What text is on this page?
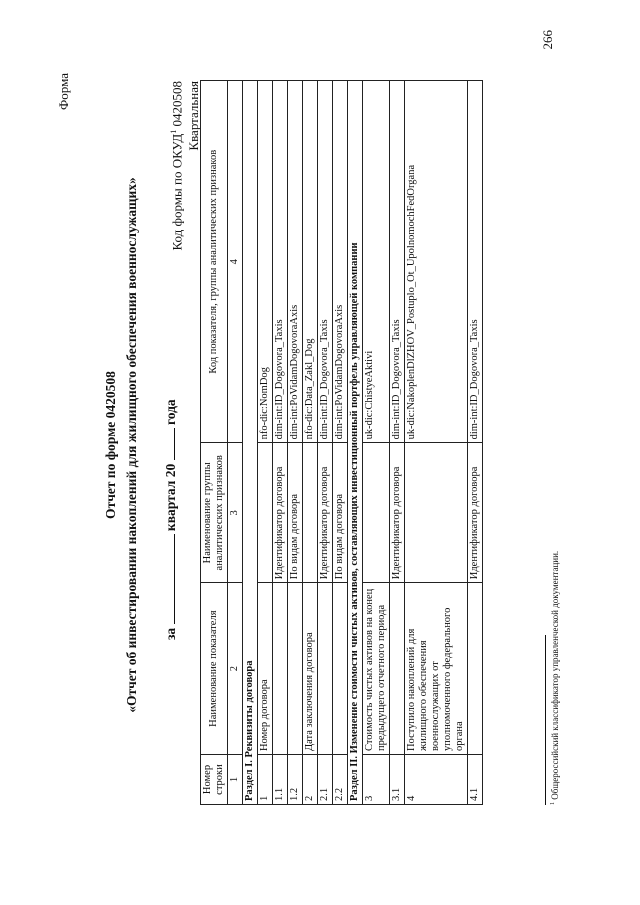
266
Форма
Отчет по форме 0420508 «Отчет об инвестировании накоплений для жилищного обеспечения военнослужащих» за  квартал 20  года
Код формы по ОКУД$^1$ 0420508 Квартальная
Номер строки	Наименование показателя	Наименование группы аналитических признаков	Код показателя, группы аналитических признаков
1	2	3	4
Раздел I. Реквизиты договора			
1	Номер договора		nfo-dic:NomDog
1.1		Идентификатор договора	dim-int:ID_Dogovora_Taxis
1.2		По видам договора	dim-int:PoVidamDogovoraAxis
2	Дата заключения договора		nfo-dic:Data_Zakl_Dog
2.1		Идентификатор договора	dim-int:ID_Dogovora_Taxis
2.2		По видам договора	dim-int:PoVidamDogovoraAxis
Раздел II. Изменение стоимости чистых активов, составляющих инвестиционный портфель управляющей компании			
3	Стоимость чистых активов на конец предыдущего отчетного периода		uk-dic:ChistyeAktivi
3.1		Идентификатор договора	dim-int:ID_Dogovora_Taxis
4	Поступило накоплений для жилищного обеспечения военнослужащих от уполномоченного федерального органа		uk-dic:NakoplenDlZHOV_Postuplo_Ot_UpolnomochFedOrgana
4.1		Идентификатор договора	dim-int:ID_Dogovora_Taxis
$^1$ Общероссийский классификатор управленческой документации.
